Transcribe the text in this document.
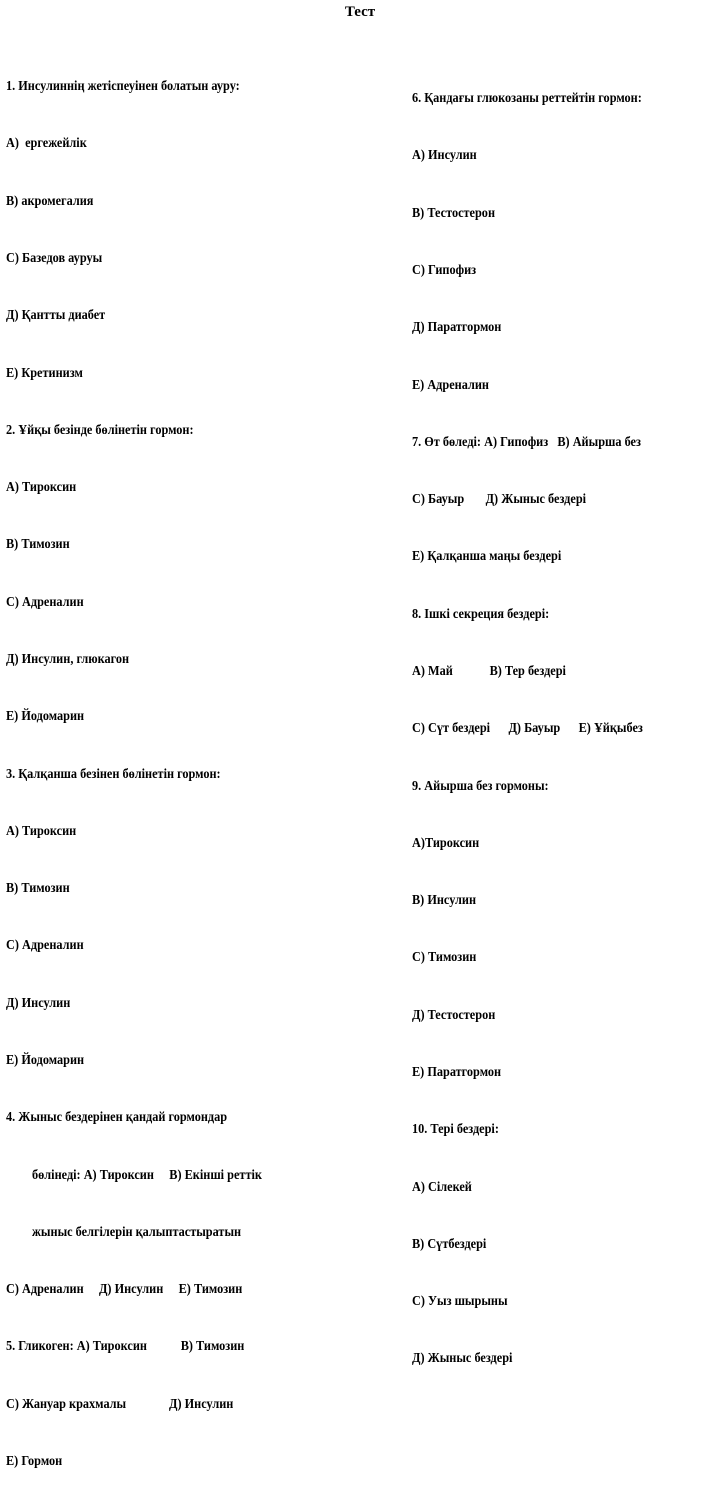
Тест

1. Инсулиннің жетіспеуінен болатын ауру:

А)  ергежейлік

В) акромегалия

С) Базедов ауруы

Д) Қантты диабет

Е) Кретинизм

2. Ұйқы безінде бөлінетін гормон:

А) Тироксин

В) Тимозин

С) Адреналин

Д) Инсулин, глюкагон

Е) Йодомарин

3. Қалқанша безінен бөлінетін гормон:

А) Тироксин

В) Тимозин

С) Адреналин

Д) Инсулин

Е) Йодомарин

4. Жыныс бездерінен қандай гормондар

бөлінеді: А) Тироксин     В) Екінші реттік

жыныс белгілерін қалыптастыратын

С) Адреналин     Д) Инсулин     Е) Тимозин

5. Гликоген: А) Тироксин           В) Тимозин

С) Жануар крахмалы              Д) Инсулин

Е) Гормон

6. Қандағы глюкозаны реттейтін гормон:

А) Инсулин

В) Тестостерон

С) Гипофиз

Д) Паратгормон

Е) Адреналин

7. Өт бөледі: А) Гипофиз   В) Айырша без

С) Бауыр       Д) Жыныс бездері

Е) Қалқанша маңы бездері

8. Ішкі секреция бездері:

А) Май            В) Тер бездері

С) Сүт бездері      Д) Бауыр      Е) Ұйқыбез

9. Айырша без гормоны:

А)Тироксин

В) Инсулин

С) Тимозин

Д) Тестостерон

Е) Паратгормон

10. Тері бездері:

А) Сілекей

В) Сүтбездері

С) Уыз шырыны

Д) Жыныс бездері
